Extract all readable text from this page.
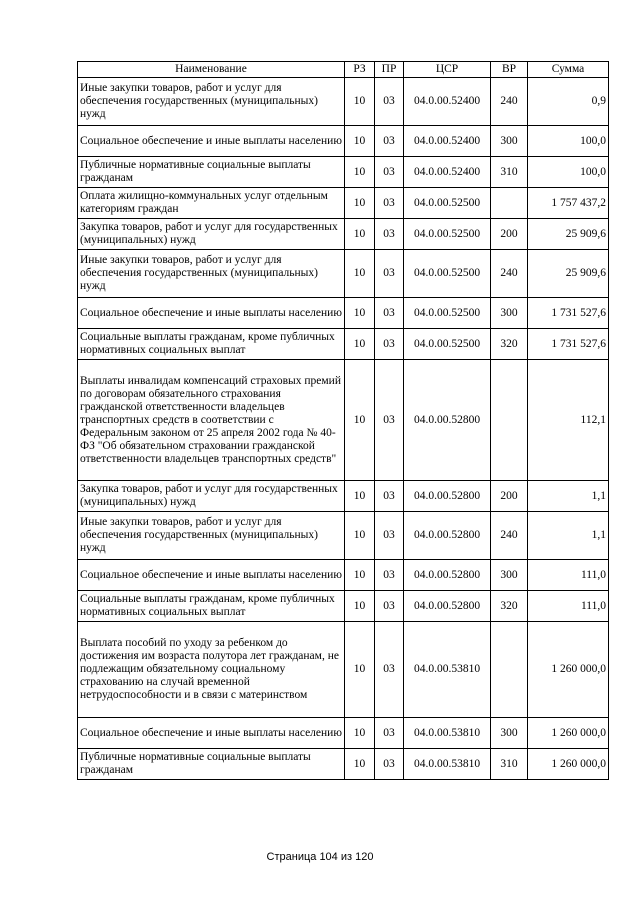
Наименование	РЗ	ПР	ЦСР	ВР	Сумма
Иные закупки товаров, работ и услуг для обеспечения государственных (муниципальных) нужд	10	03	04.0.00.52400	240	0,9
Социальное обеспечение и иные выплаты населению	10	03	04.0.00.52400	300	100,0
Публичные нормативные социальные выплаты гражданам	10	03	04.0.00.52400	310	100,0
Оплата жилищно-коммунальных услуг отдельным категориям граждан	10	03	04.0.00.52500		1 757 437,2
Закупка товаров, работ и услуг для государственных (муниципальных) нужд	10	03	04.0.00.52500	200	25 909,6
Иные закупки товаров, работ и услуг для обеспечения государственных (муниципальных) нужд	10	03	04.0.00.52500	240	25 909,6
Социальное обеспечение и иные выплаты населению	10	03	04.0.00.52500	300	1 731 527,6
Социальные выплаты гражданам, кроме публичных нормативных социальных выплат	10	03	04.0.00.52500	320	1 731 527,6
Выплаты инвалидам компенсаций страховых премий по договорам обязательного страхования гражданской ответственности владельцев транспортных средств в соответствии с Федеральным законом от 25 апреля 2002 года № 40-ФЗ "Об обязательном страховании гражданской ответственности владельцев транспортных средств"	10	03	04.0.00.52800		112,1
Закупка товаров, работ и услуг для государственных (муниципальных) нужд	10	03	04.0.00.52800	200	1,1
Иные закупки товаров, работ и услуг для обеспечения государственных (муниципальных) нужд	10	03	04.0.00.52800	240	1,1
Социальное обеспечение и иные выплаты населению	10	03	04.0.00.52800	300	111,0
Социальные выплаты гражданам, кроме публичных нормативных социальных выплат	10	03	04.0.00.52800	320	111,0
Выплата пособий по уходу за ребенком до достижения им возраста полутора лет гражданам, не подлежащим обязательному социальному страхованию на случай временной нетрудоспособности и в связи с материнством	10	03	04.0.00.53810		1 260 000,0
Социальное обеспечение и иные выплаты населению	10	03	04.0.00.53810	300	1 260 000,0
Публичные нормативные социальные выплаты гражданам	10	03	04.0.00.53810	310	1 260 000,0
Страница 104 из 120
